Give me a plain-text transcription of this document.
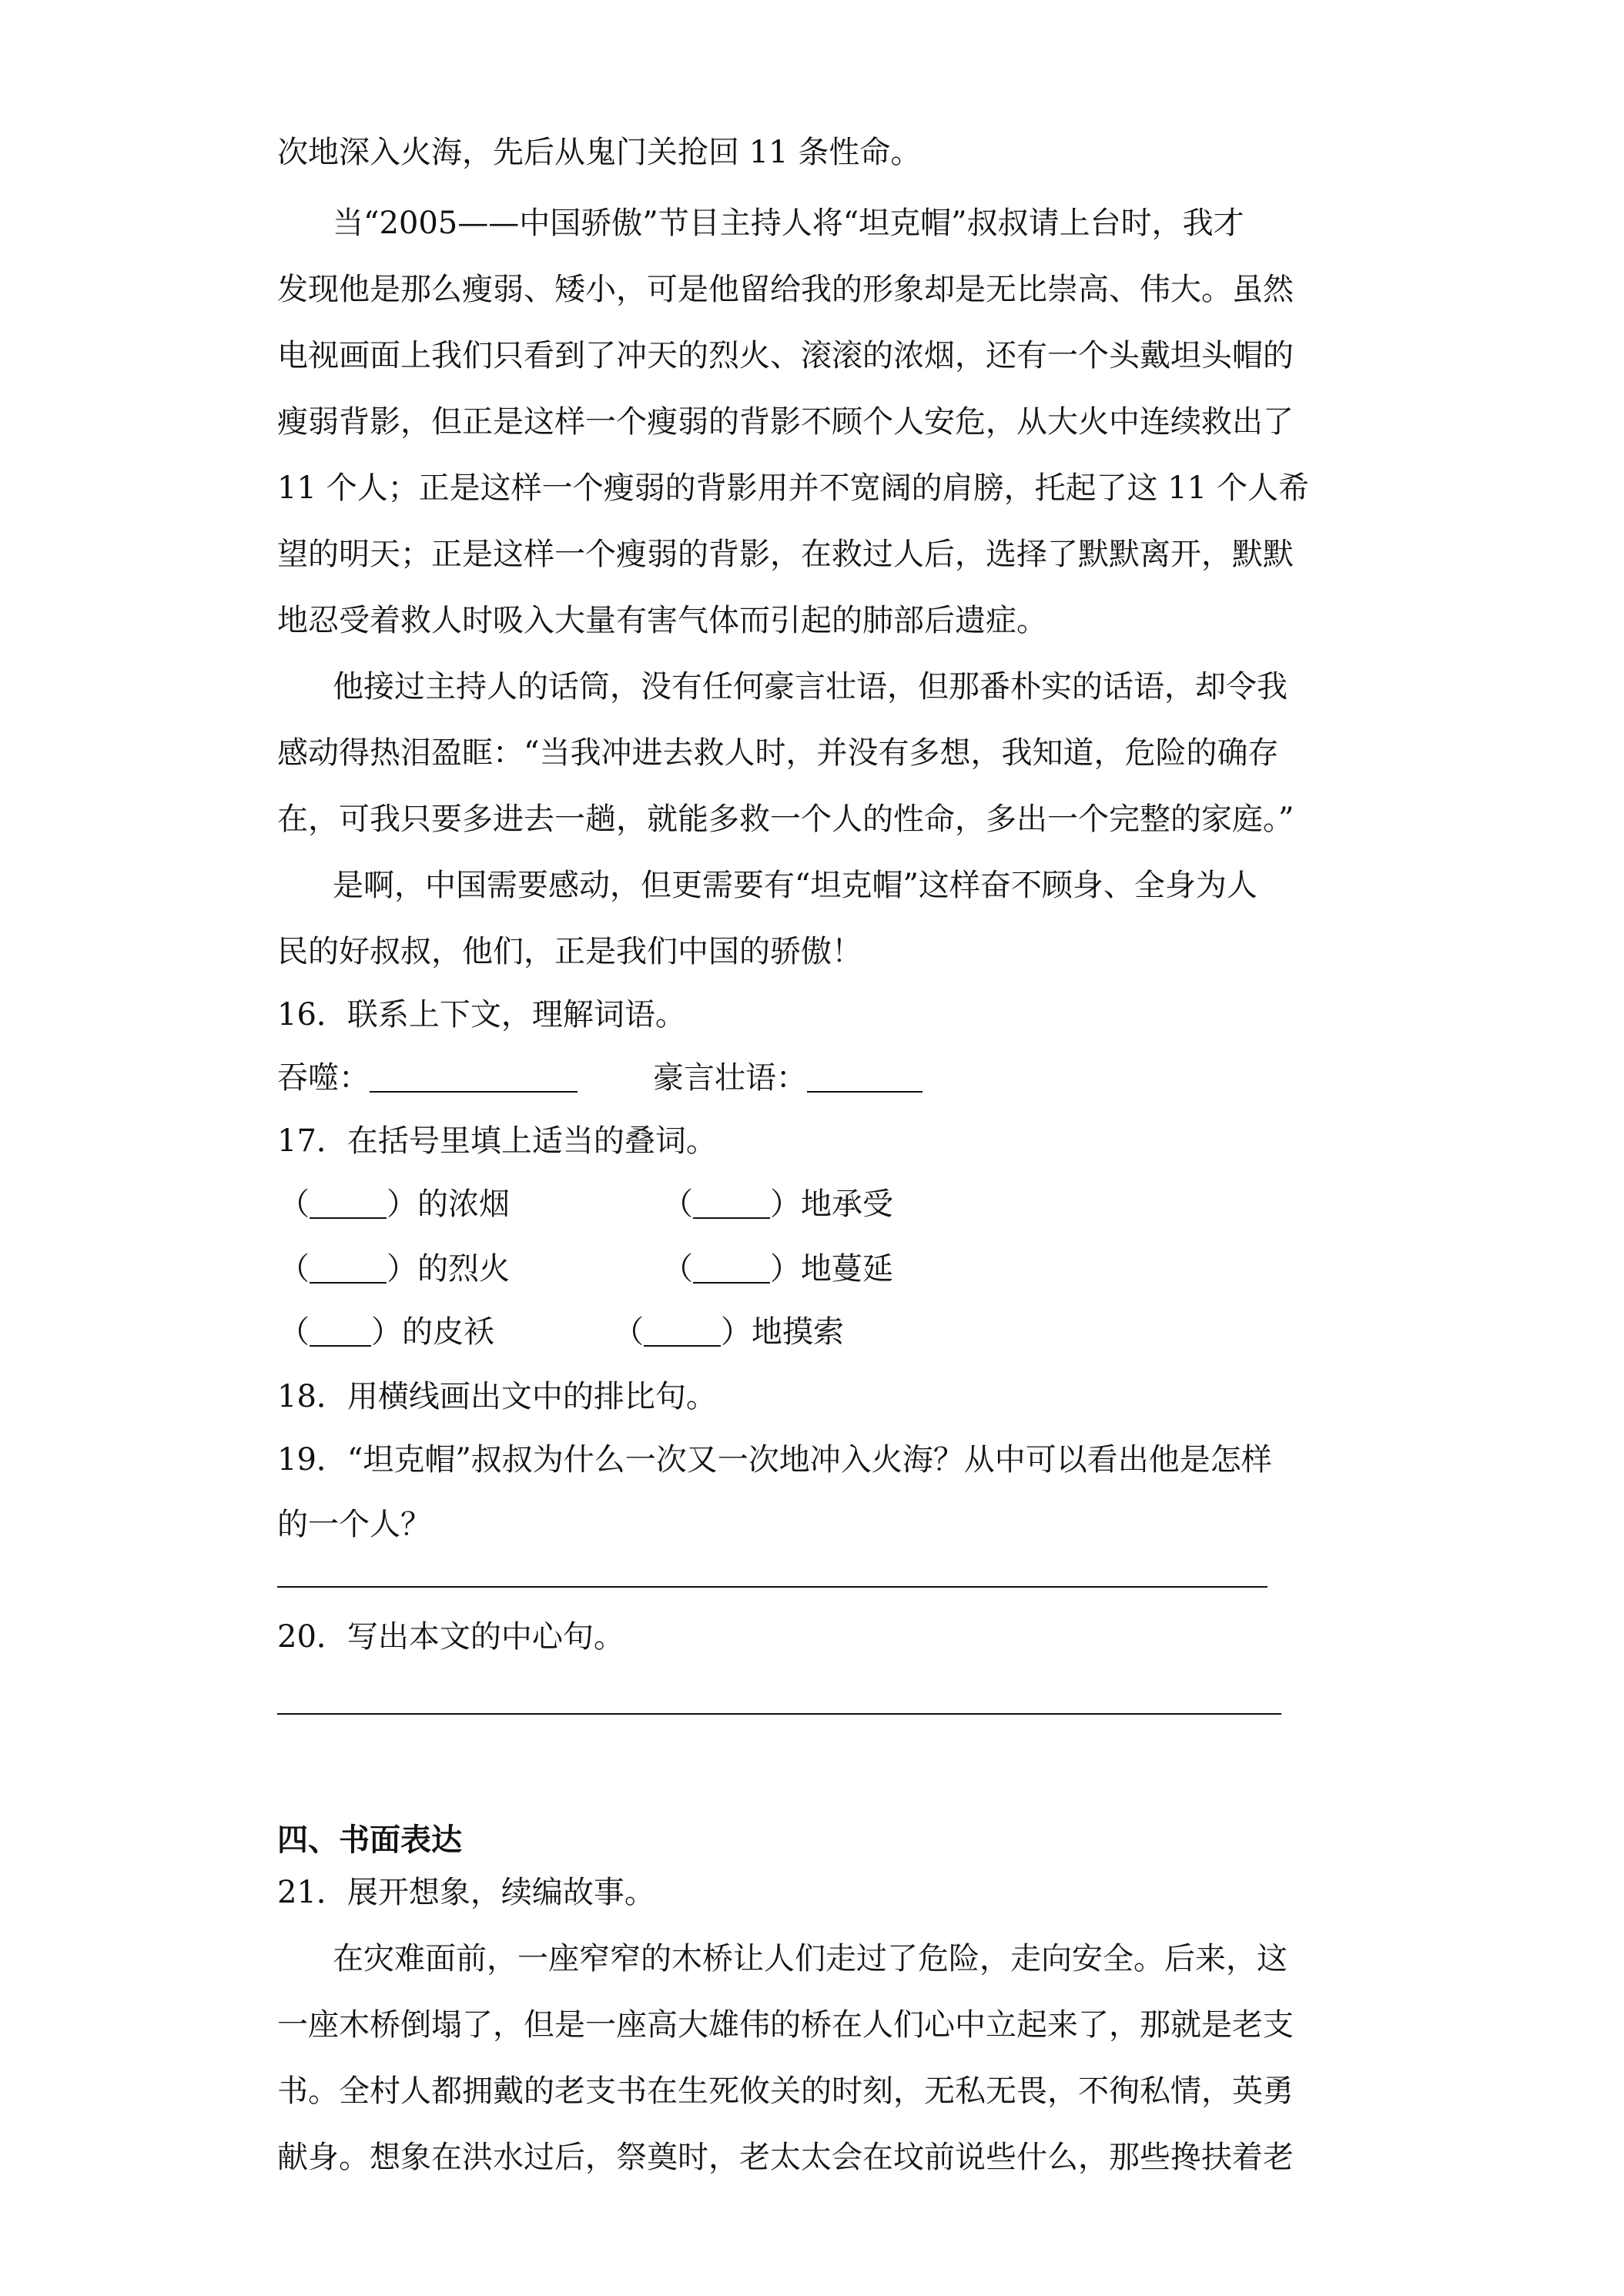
次地深入火海，先后从鬼门关抢回 11 条性命。
当“2005——中国骄傲”节目主持人将“坦克帽”叔叔请上台时，我才
发现他是那么瘦弱、矮小，可是他留给我的形象却是无比崇高、伟大。虽然
电视画面上我们只看到了冲天的烈火、滚滚的浓烟，还有一个头戴坦头帽的
瘦弱背影，但正是这样一个瘦弱的背影不顾个人安危，从大火中连续救出了
11 个人；正是这样一个瘦弱的背影用并不宽阔的肩膀，托起了这 11 个人希
望的明天；正是这样一个瘦弱的背影，在救过人后，选择了默默离开，默默
地忍受着救人时吸入大量有害气体而引起的肺部后遗症。
他接过主持人的话筒，没有任何豪言壮语，但那番朴实的话语，却令我
感动得热泪盈眶：“当我冲进去救人时，并没有多想，我知道，危险的确存
在，可我只要多进去一趟，就能多救一个人的性命，多出一个完整的家庭。”
是啊，中国需要感动，但更需要有“坦克帽”这样奋不顾身、全身为人
民的好叔叔，他们，正是我们中国的骄傲！
16．联系上下文，理解词语。
吞噬：	豪言壮语：
17．在括号里填上适当的叠词。
（	）的浓烟	（	）地承受
（	）的烈火	（	）地蔓延
（ ）的皮袄	（	）地摸索
18．用横线画出文中的排比句。
19．“坦克帽”叔叔为什么一次又一次地冲入火海？从中可以看出他是怎样
的一个人？
20．写出本文的中心句。
四、书面表达
21．展开想象，续编故事。
在灾难面前，一座窄窄的木桥让人们走过了危险，走向安全。后来，这
一座木桥倒塌了，但是一座高大雄伟的桥在人们心中立起来了，那就是老支
书。全村人都拥戴的老支书在生死攸关的时刻，无私无畏，不徇私情，英勇
献身。想象在洪水过后，祭奠时，老太太会在坟前说些什么，那些搀扶着老
